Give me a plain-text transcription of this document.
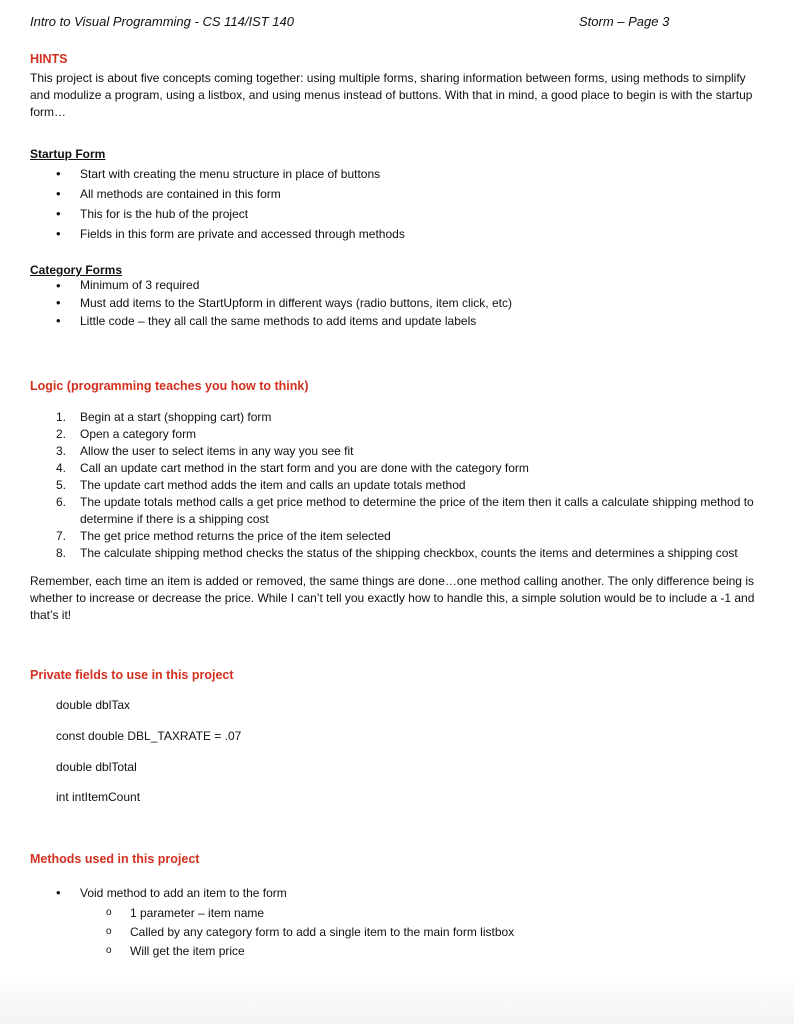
Intro to Visual Programming - CS 114/IST 140	Storm – Page 3
HINTS
This project is about five concepts coming together: using multiple forms, sharing information between forms, using methods to simplify and modulize a program, using a listbox, and using menus instead of buttons. With that in mind, a good place to begin is with the startup form…
Startup Form
• Start with creating the menu structure in place of buttons
• All methods are contained in this form
• This for is the hub of the project
• Fields in this form are private and accessed through methods
Category Forms
• Minimum of 3 required
• Must add items to the StartUpform in different ways (radio buttons, item click, etc)
• Little code – they all call the same methods to add items and update labels
Logic (programming teaches you how to think)
1. Begin at a start (shopping cart) form
2. Open a category form
3. Allow the user to select items in any way you see fit
4. Call an update cart method in the start form and you are done with the category form
5. The update cart method adds the item and calls an update totals method
6. The update totals method calls a get price method to determine the price of the item then it calls a calculate shipping method to determine if there is a shipping cost
7. The get price method returns the price of the item selected
8. The calculate shipping method checks the status of the shipping checkbox, counts the items and determines a shipping cost
Remember, each time an item is added or removed, the same things are done…one method calling another. The only difference being is whether to increase or decrease the price. While I can’t tell you exactly how to handle this, a simple solution would be to include a -1 and that’s it!
Private fields to use in this project
double dblTax
const double DBL_TAXRATE = .07
double dblTotal
int intItemCount
Methods used in this project
• Void method to add an item to the form
o 1 parameter – item name
o Called by any category form to add a single item to the main form listbox
o Will get the item price
